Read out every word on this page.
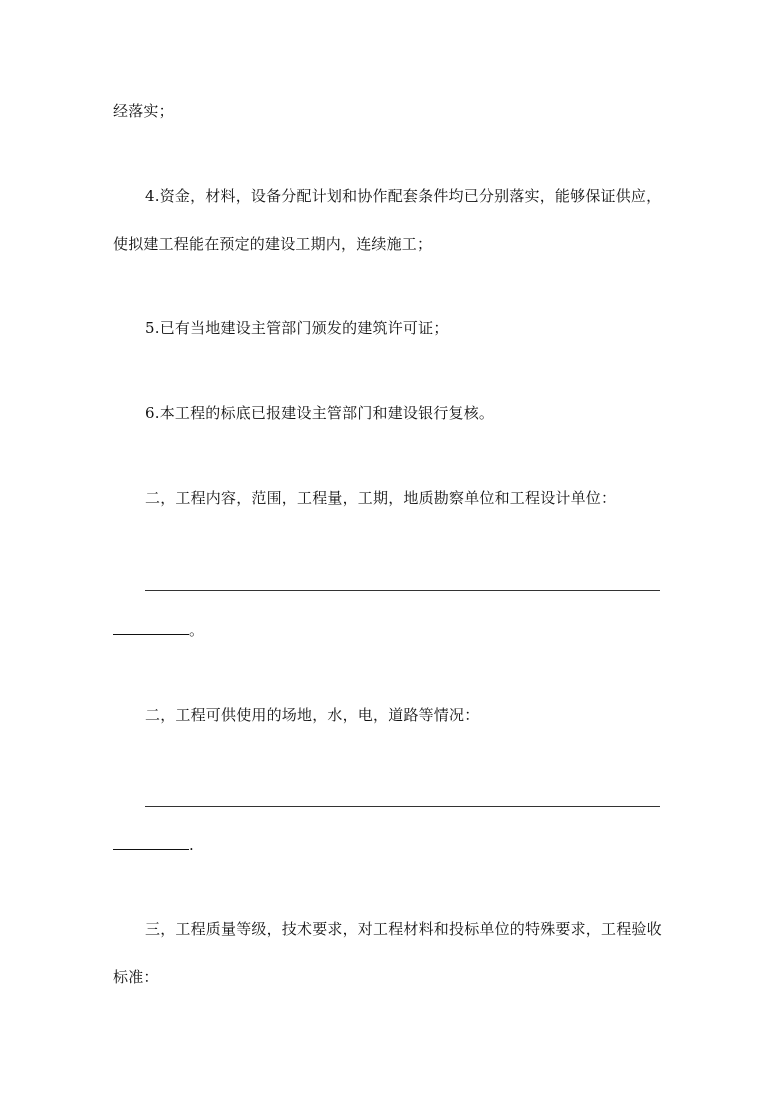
经落实；
4.资金，材料，设备分配计划和协作配套条件均已分别落实，能够保证供应，
使拟建工程能在预定的建设工期内，连续施工；
5.已有当地建设主管部门颁发的建筑许可证；
6.本工程的标底已报建设主管部门和建设银行复核。
二，工程内容，范围，工程量，工期，地质勘察单位和工程设计单位：
。
二，工程可供使用的场地，水，电，道路等情况：
.
三，工程质量等级，技术要求，对工程材料和投标单位的特殊要求，工程验收
标准：
